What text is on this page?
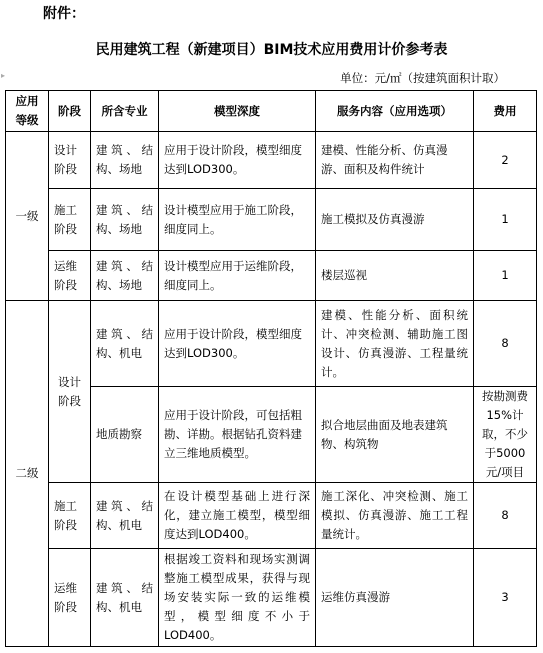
附件：
民用建筑工程（新建项目）BIM技术应用费用计价参考表
▸	单位：元/㎡（按建筑面积计取）
应用等级	阶段	所含专业	模型深度	服务内容（应用选项）	费用
一级	设计阶段	建筑、结构、场地	应用于设计阶段，模型细度达到LOD300。	建模、性能分析、仿真漫游、面积及构件统计	2
	施工阶段	建筑、结构、场地	设计模型应用于施工阶段，细度同上。	施工模拟及仿真漫游	1
	运维阶段	建筑、结构、场地	设计模型应用于运维阶段，细度同上。	楼层巡视	1
二级	设计阶段	建筑、结构、机电	应用于设计阶段，模型细度达到LOD300。	建模、性能分析、面积统计、冲突检测、辅助施工图设计、仿真漫游、工程量统计。	8
		地质勘察	应用于设计阶段，可包括粗勘、详勘。根据钻孔资料建立三维地质模型。	拟合地层曲面及地表建筑物、构筑物	按勘测费15%计取，不少于5000元/项目
	施工阶段	建筑、结构、机电	在设计模型基础上进行深化，建立施工模型，模型细度达到LOD400。	施工深化、冲突检测、施工模拟、仿真漫游、施工工程量统计。	8
	运维阶段	建筑、结构、机电	根据竣工资料和现场实测调整施工模型成果，获得与现场安装实际一致的运维模型，模型细度不小于LOD400。	运维仿真漫游	3
